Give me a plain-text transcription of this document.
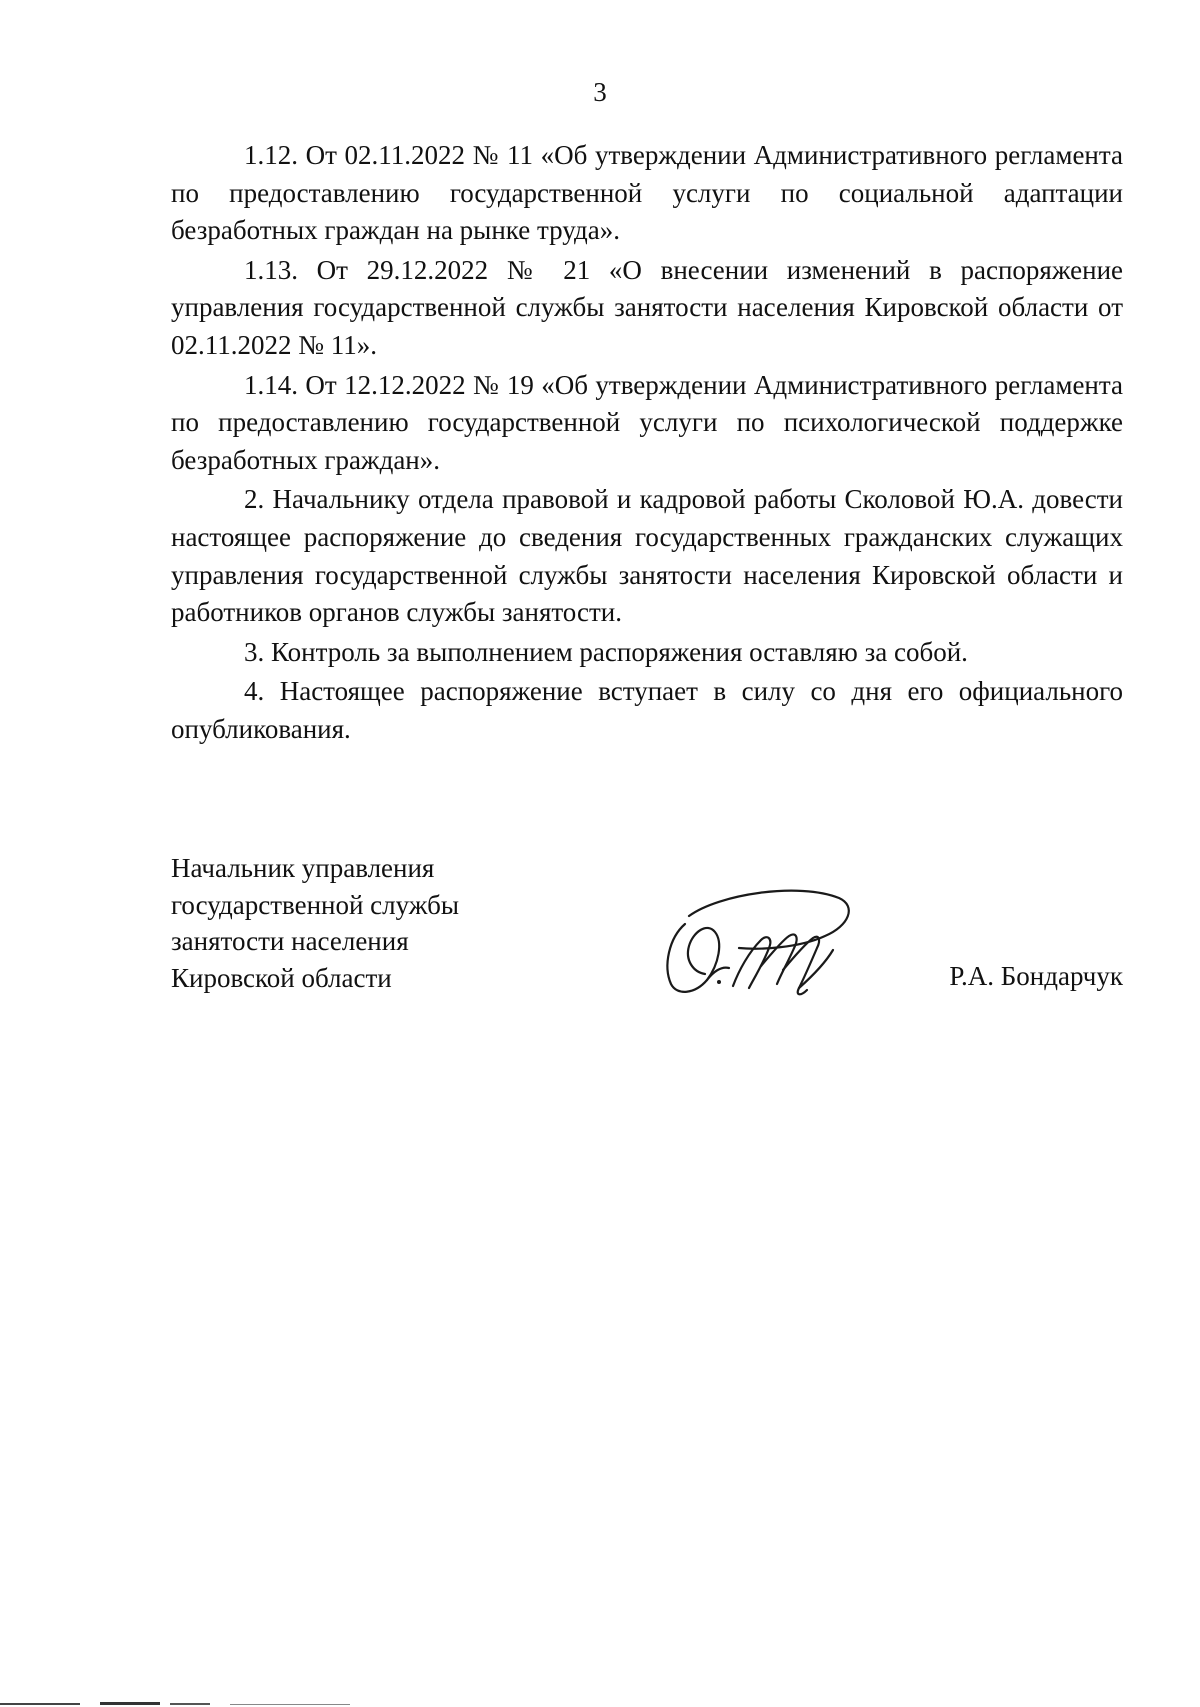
3

1.12. От 02.11.2022 № 11 «Об утверждении Административного регламента по предоставлению государственной услуги по социальной адаптации безработных граждан на рынке труда».

1.13. От 29.12.2022 № 21 «О внесении изменений в распоряжение управления государственной службы занятости населения Кировской области от 02.11.2022 № 11».

1.14. От 12.12.2022 № 19 «Об утверждении Административного регламента по предоставлению государственной услуги по психологической поддержке безработных граждан».

2. Начальнику отдела правовой и кадровой работы Сколовой Ю.А. довести настоящее распоряжение до сведения государственных гражданских служащих управления государственной службы занятости населения Кировской области и работников органов службы занятости.

3. Контроль за выполнением распоряжения оставляю за собой.

4. Настоящее распоряжение вступает в силу со дня его официального опубликования.

Начальник управления
государственной службы
занятости населения
Кировской области	Р.А. Бондарчук
